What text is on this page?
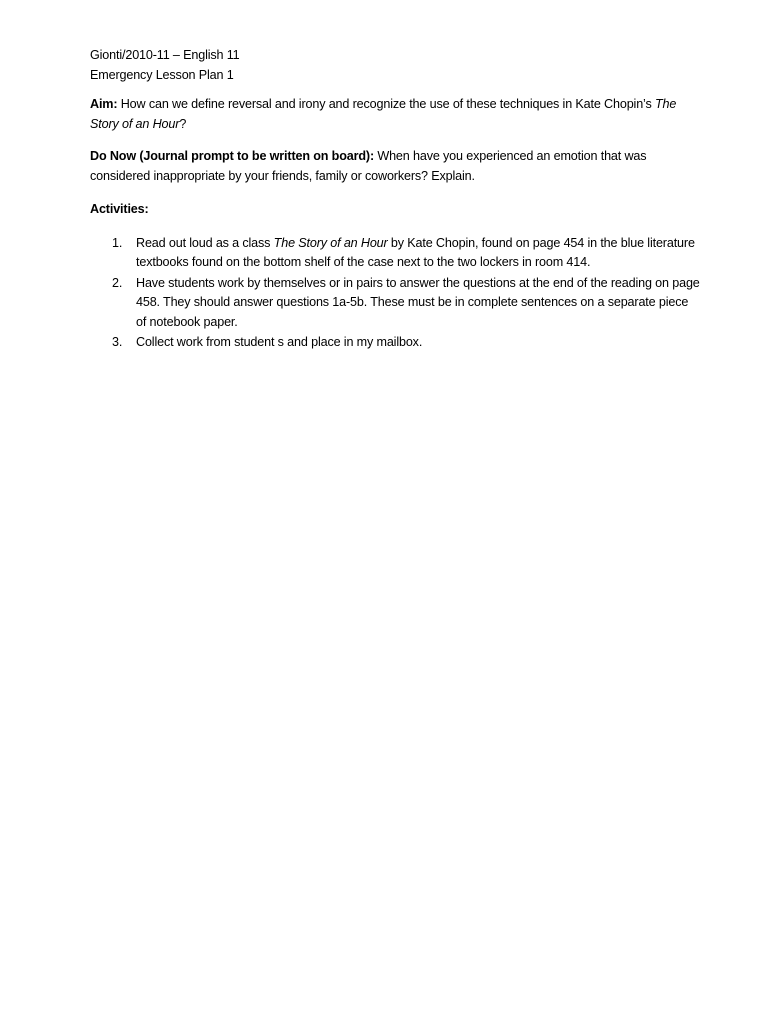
Gionti/2010-11 – English 11
Emergency Lesson Plan 1

Aim: How can we define reversal and irony and recognize the use of these techniques in Kate Chopin’s The Story of an Hour?

Do Now (Journal prompt to be written on board): When have you experienced an emotion that was considered inappropriate by your friends, family or coworkers? Explain.

Activities:

1. Read out loud as a class The Story of an Hour by Kate Chopin, found on page 454 in the blue literature textbooks found on the bottom shelf of the case next to the two lockers in room 414.
2. Have students work by themselves or in pairs to answer the questions at the end of the reading on page 458. They should answer questions 1a-5b. These must be in complete sentences on a separate piece of notebook paper.
3. Collect work from student s and place in my mailbox.
